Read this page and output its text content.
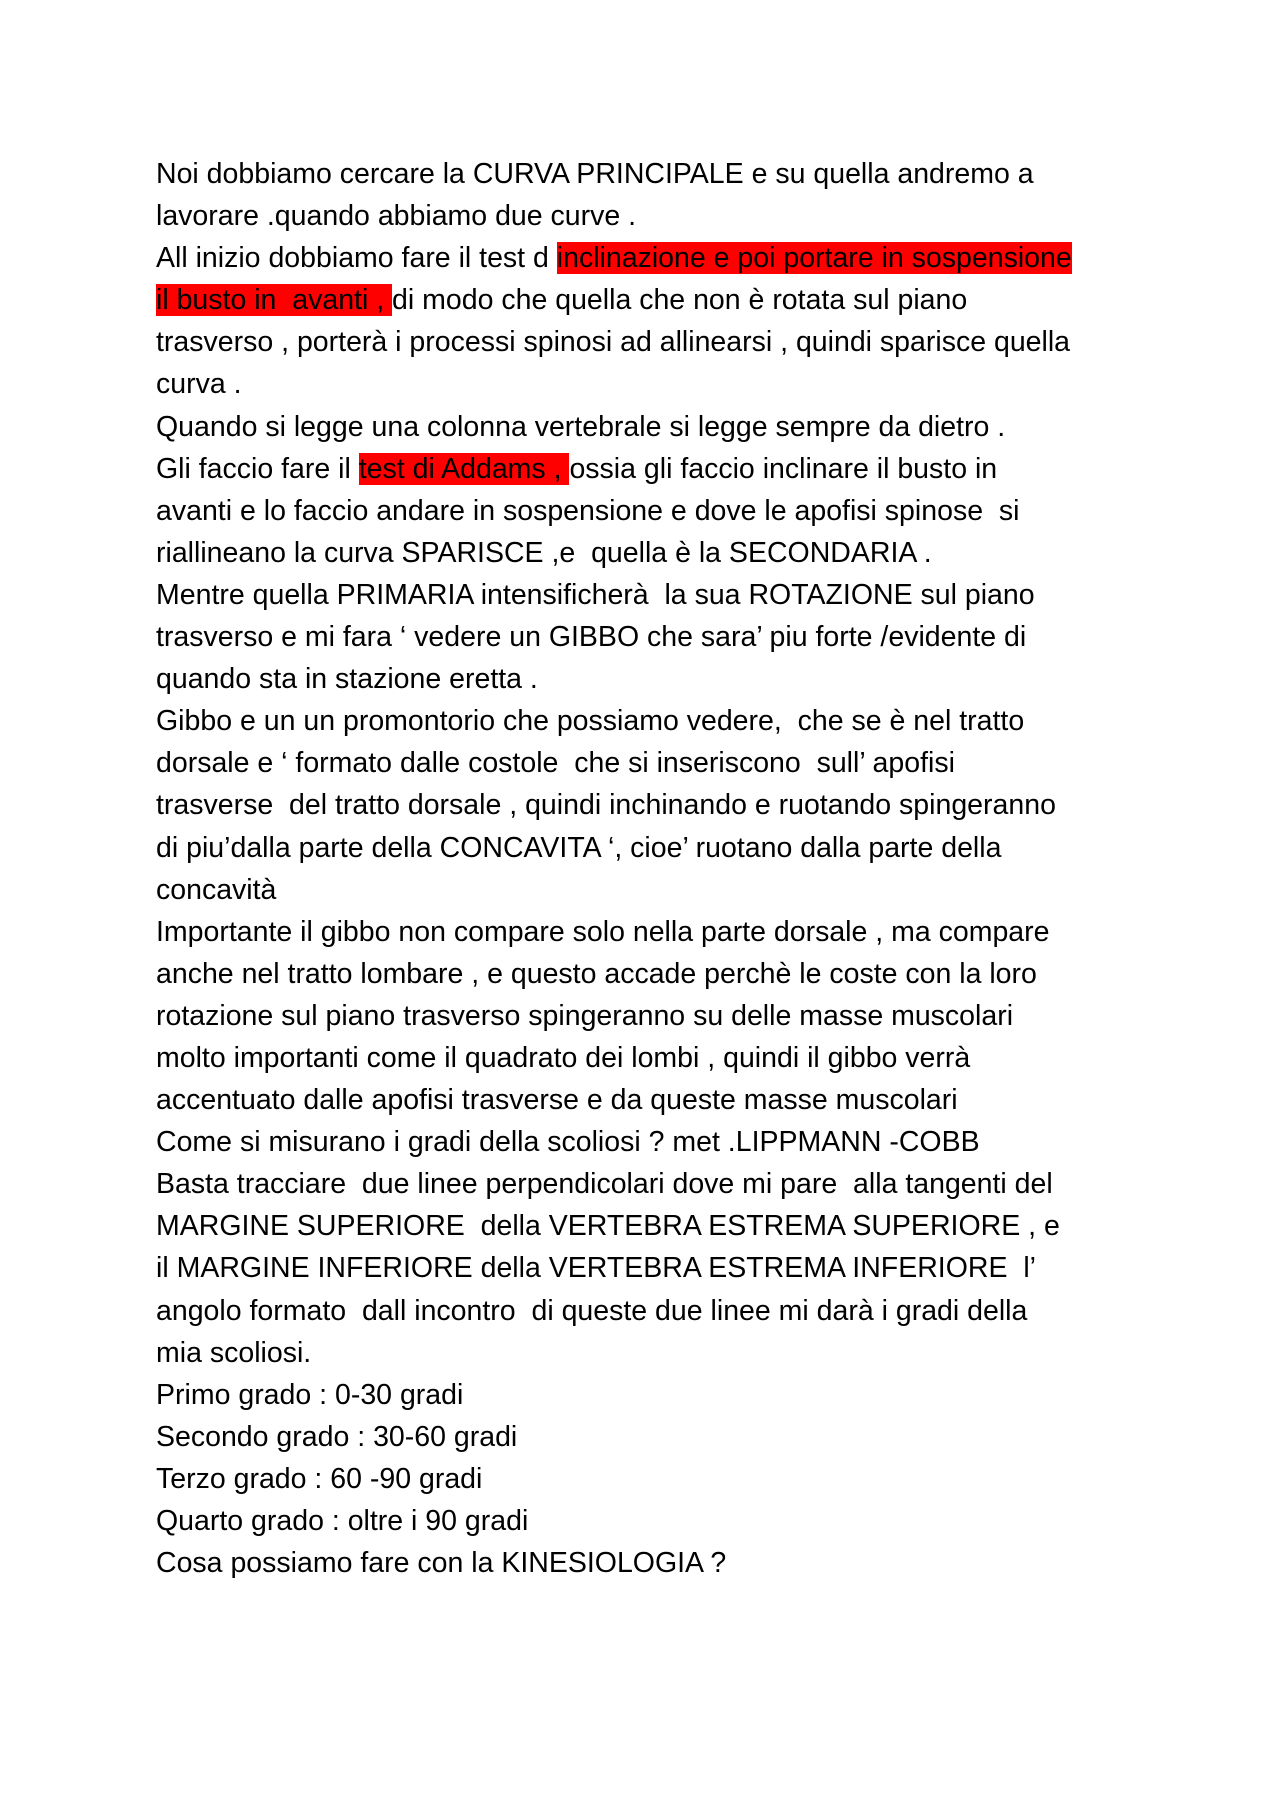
Noi dobbiamo cercare la CURVA PRINCIPALE e su quella andremo a
lavorare .quando abbiamo due curve .
All inizio dobbiamo fare il test d inclinazione e poi portare in sospensione
il busto in  avanti , di modo che quella che non è rotata sul piano
trasverso , porterà i processi spinosi ad allinearsi , quindi sparisce quella
curva .
Quando si legge una colonna vertebrale si legge sempre da dietro .
Gli faccio fare il test di Addams , ossia gli faccio inclinare il busto in
avanti e lo faccio andare in sospensione e dove le apofisi spinose  si
riallineano la curva SPARISCE ,e  quella è la SECONDARIA .
Mentre quella PRIMARIA intensificherà  la sua ROTAZIONE sul piano
trasverso e mi fara ‘ vedere un GIBBO che sara’ piu forte /evidente di
quando sta in stazione eretta .
Gibbo e un un promontorio che possiamo vedere,  che se è nel tratto
dorsale e ‘ formato dalle costole  che si inseriscono  sull’ apofisi
trasverse  del tratto dorsale , quindi inchinando e ruotando spingeranno
di piu’dalla parte della CONCAVITA ‘, cioe’ ruotano dalla parte della
concavità
Importante il gibbo non compare solo nella parte dorsale , ma compare
anche nel tratto lombare , e questo accade perchè le coste con la loro
rotazione sul piano trasverso spingeranno su delle masse muscolari
molto importanti come il quadrato dei lombi , quindi il gibbo verrà
accentuato dalle apofisi trasverse e da queste masse muscolari
Come si misurano i gradi della scoliosi ? met .LIPPMANN -COBB
Basta tracciare  due linee perpendicolari dove mi pare  alla tangenti del
MARGINE SUPERIORE  della VERTEBRA ESTREMA SUPERIORE , e
il MARGINE INFERIORE della VERTEBRA ESTREMA INFERIORE  l’
angolo formato  dall incontro  di queste due linee mi darà i gradi della
mia scoliosi.
Primo grado : 0-30 gradi
Secondo grado : 30-60 gradi
Terzo grado : 60 -90 gradi
Quarto grado : oltre i 90 gradi
Cosa possiamo fare con la KINESIOLOGIA ?
